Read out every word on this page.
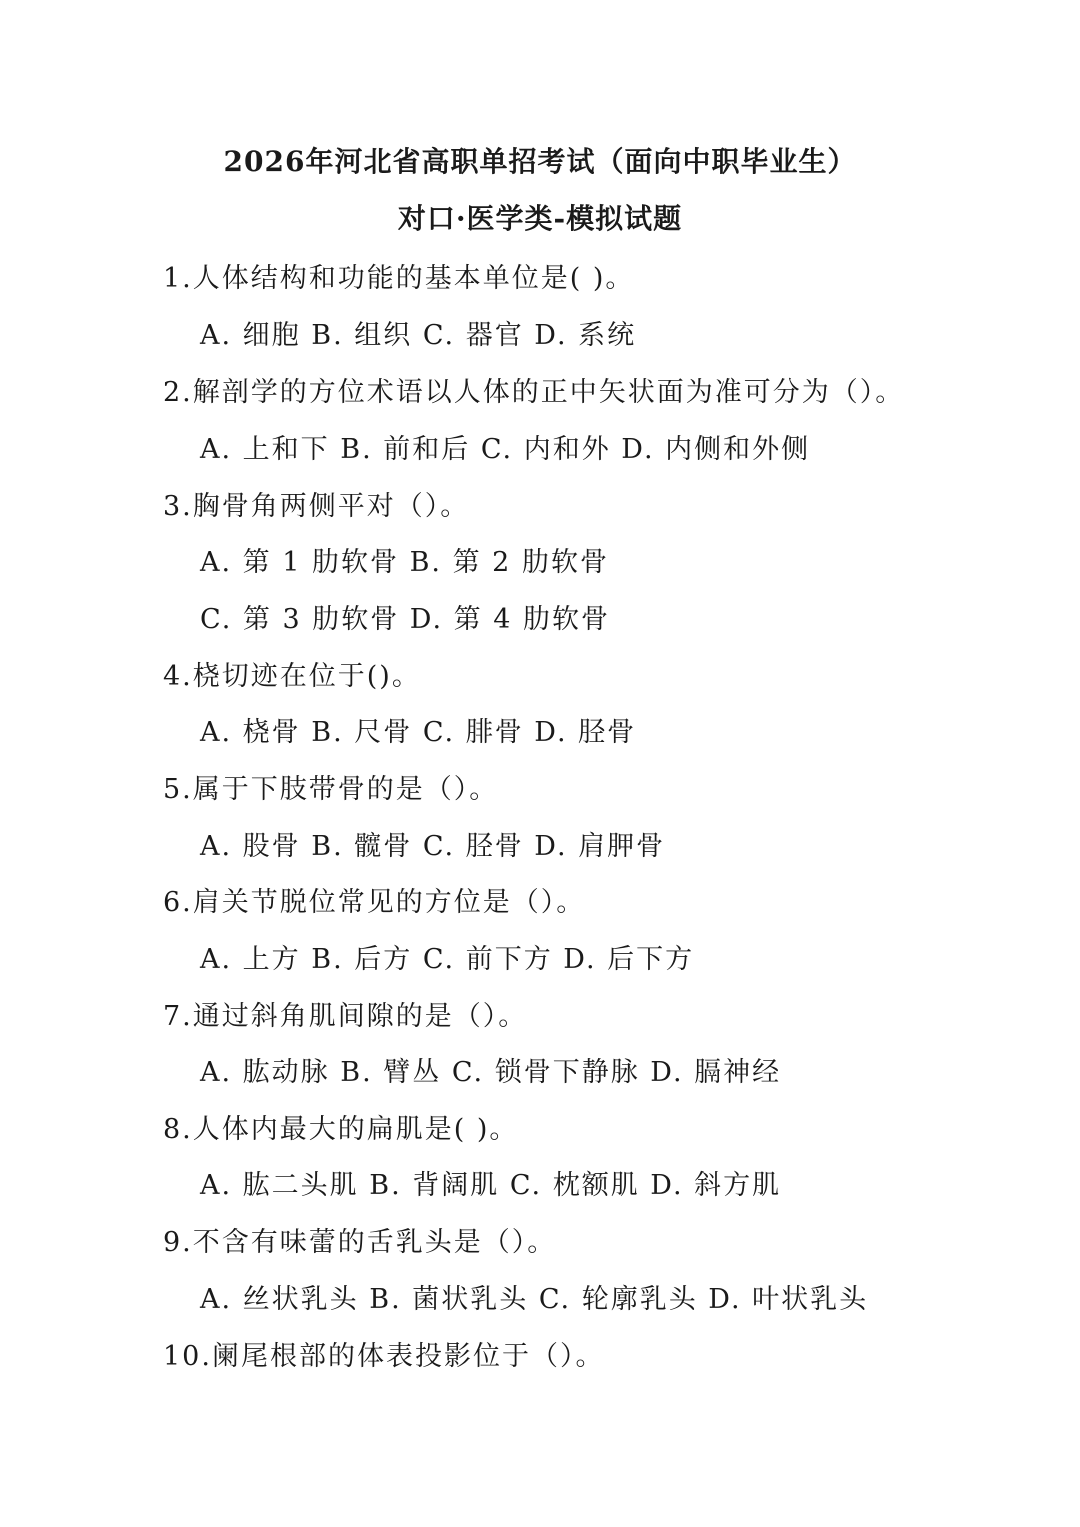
2026年河北省高职单招考试（面向中职毕业生）
对口·医学类-模拟试题
1.人体结构和功能的基本单位是( )。
A. 细胞 B. 组织 C. 器官 D. 系统
2.解剖学的方位术语以人体的正中矢状面为准可分为（）。
A. 上和下 B. 前和后 C. 内和外 D. 内侧和外侧
3.胸骨角两侧平对（）。
A. 第 1 肋软骨 B. 第 2 肋软骨
C. 第 3 肋软骨 D. 第 4 肋软骨
4.桡切迹在位于()。
A. 桡骨 B. 尺骨 C. 腓骨 D. 胫骨
5.属于下肢带骨的是（）。
A. 股骨 B. 髋骨 C. 胫骨 D. 肩胛骨
6.肩关节脱位常见的方位是（）。
A. 上方 B. 后方 C. 前下方 D. 后下方
7.通过斜角肌间隙的是（）。
A. 肱动脉 B. 臂丛 C. 锁骨下静脉 D. 膈神经
8.人体内最大的扁肌是( )。
A. 肱二头肌 B. 背阔肌 C. 枕额肌 D. 斜方肌
9.不含有味蕾的舌乳头是（）。
A. 丝状乳头 B. 菌状乳头 C. 轮廓乳头 D. 叶状乳头
10.阑尾根部的体表投影位于（）。
